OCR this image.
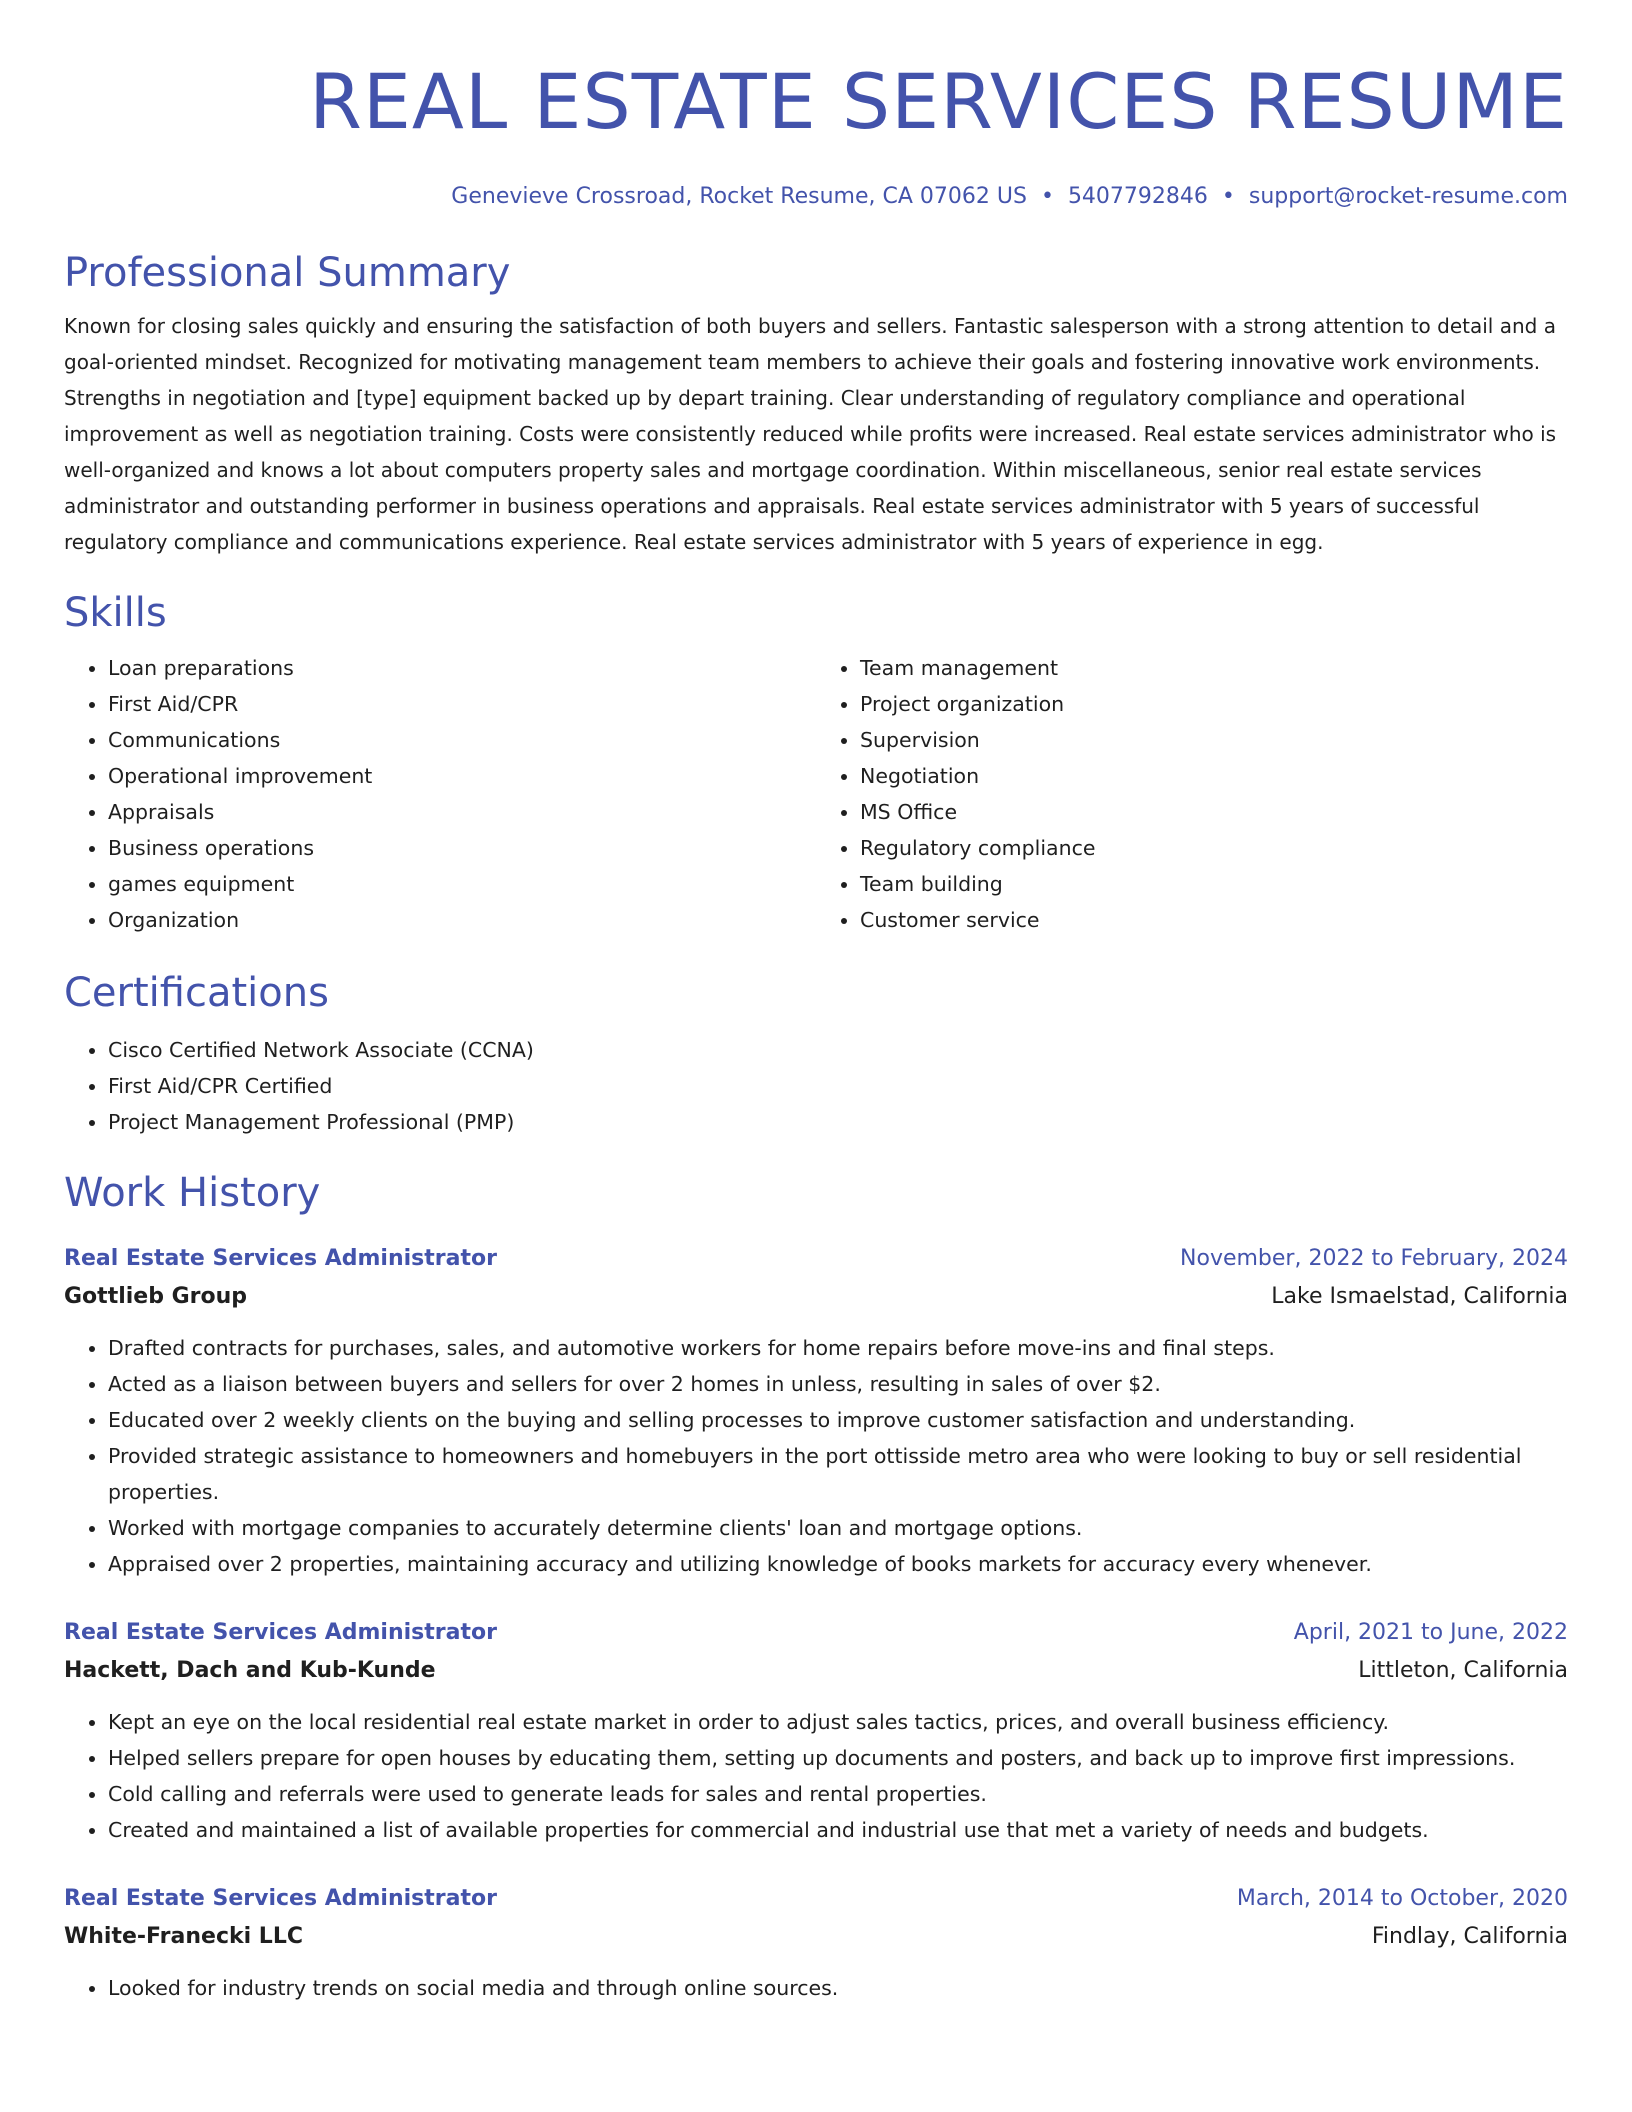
REAL ESTATE SERVICES RESUME
Genevieve Crossroad, Rocket Resume, CA 07062 US • 5407792846 • support@rocket-resume.com
Professional Summary

Known for closing sales quickly and ensuring the satisfaction of both buyers and sellers. Fantastic salesperson with a strong attention to detail and a goal-oriented mindset. Recognized for motivating management team members to achieve their goals and fostering innovative work environments. Strengths in negotiation and [type] equipment backed up by depart training. Clear understanding of regulatory compliance and operational improvement as well as negotiation training. Costs were consistently reduced while profits were increased. Real estate services administrator who is well-organized and knows a lot about computers property sales and mortgage coordination. Within miscellaneous, senior real estate services administrator and outstanding performer in business operations and appraisals. Real estate services administrator with 5 years of successful regulatory compliance and communications experience. Real estate services administrator with 5 years of experience in egg.

Skills
• Loan preparations
• First Aid/CPR
• Communications
• Operational improvement
• Appraisals
• Business operations
• games equipment
• Organization
• Team management
• Project organization
• Supervision
• Negotiation
• MS Office
• Regulatory compliance
• Team building
• Customer service
Certifications
• Cisco Certified Network Associate (CCNA)
• First Aid/CPR Certified
• Project Management Professional (PMP)
Work History
Real Estate Services Administrator	November, 2022 to February, 2024
Gottlieb Group	Lake Ismaelstad, California
• Drafted contracts for purchases, sales, and automotive workers for home repairs before move-ins and final steps.
• Acted as a liaison between buyers and sellers for over 2 homes in unless, resulting in sales of over $2.
• Educated over 2 weekly clients on the buying and selling processes to improve customer satisfaction and understanding.
• Provided strategic assistance to homeowners and homebuyers in the port ottisside metro area who were looking to buy or sell residential properties.
• Worked with mortgage companies to accurately determine clients' loan and mortgage options.
• Appraised over 2 properties, maintaining accuracy and utilizing knowledge of books markets for accuracy every whenever.
Real Estate Services Administrator	April, 2021 to June, 2022
Hackett, Dach and Kub-Kunde	Littleton, California
• Kept an eye on the local residential real estate market in order to adjust sales tactics, prices, and overall business efficiency.
• Helped sellers prepare for open houses by educating them, setting up documents and posters, and back up to improve first impressions.
• Cold calling and referrals were used to generate leads for sales and rental properties.
• Created and maintained a list of available properties for commercial and industrial use that met a variety of needs and budgets.
Real Estate Services Administrator	March, 2014 to October, 2020
White-Franecki LLC	Findlay, California
• Looked for industry trends on social media and through online sources.
